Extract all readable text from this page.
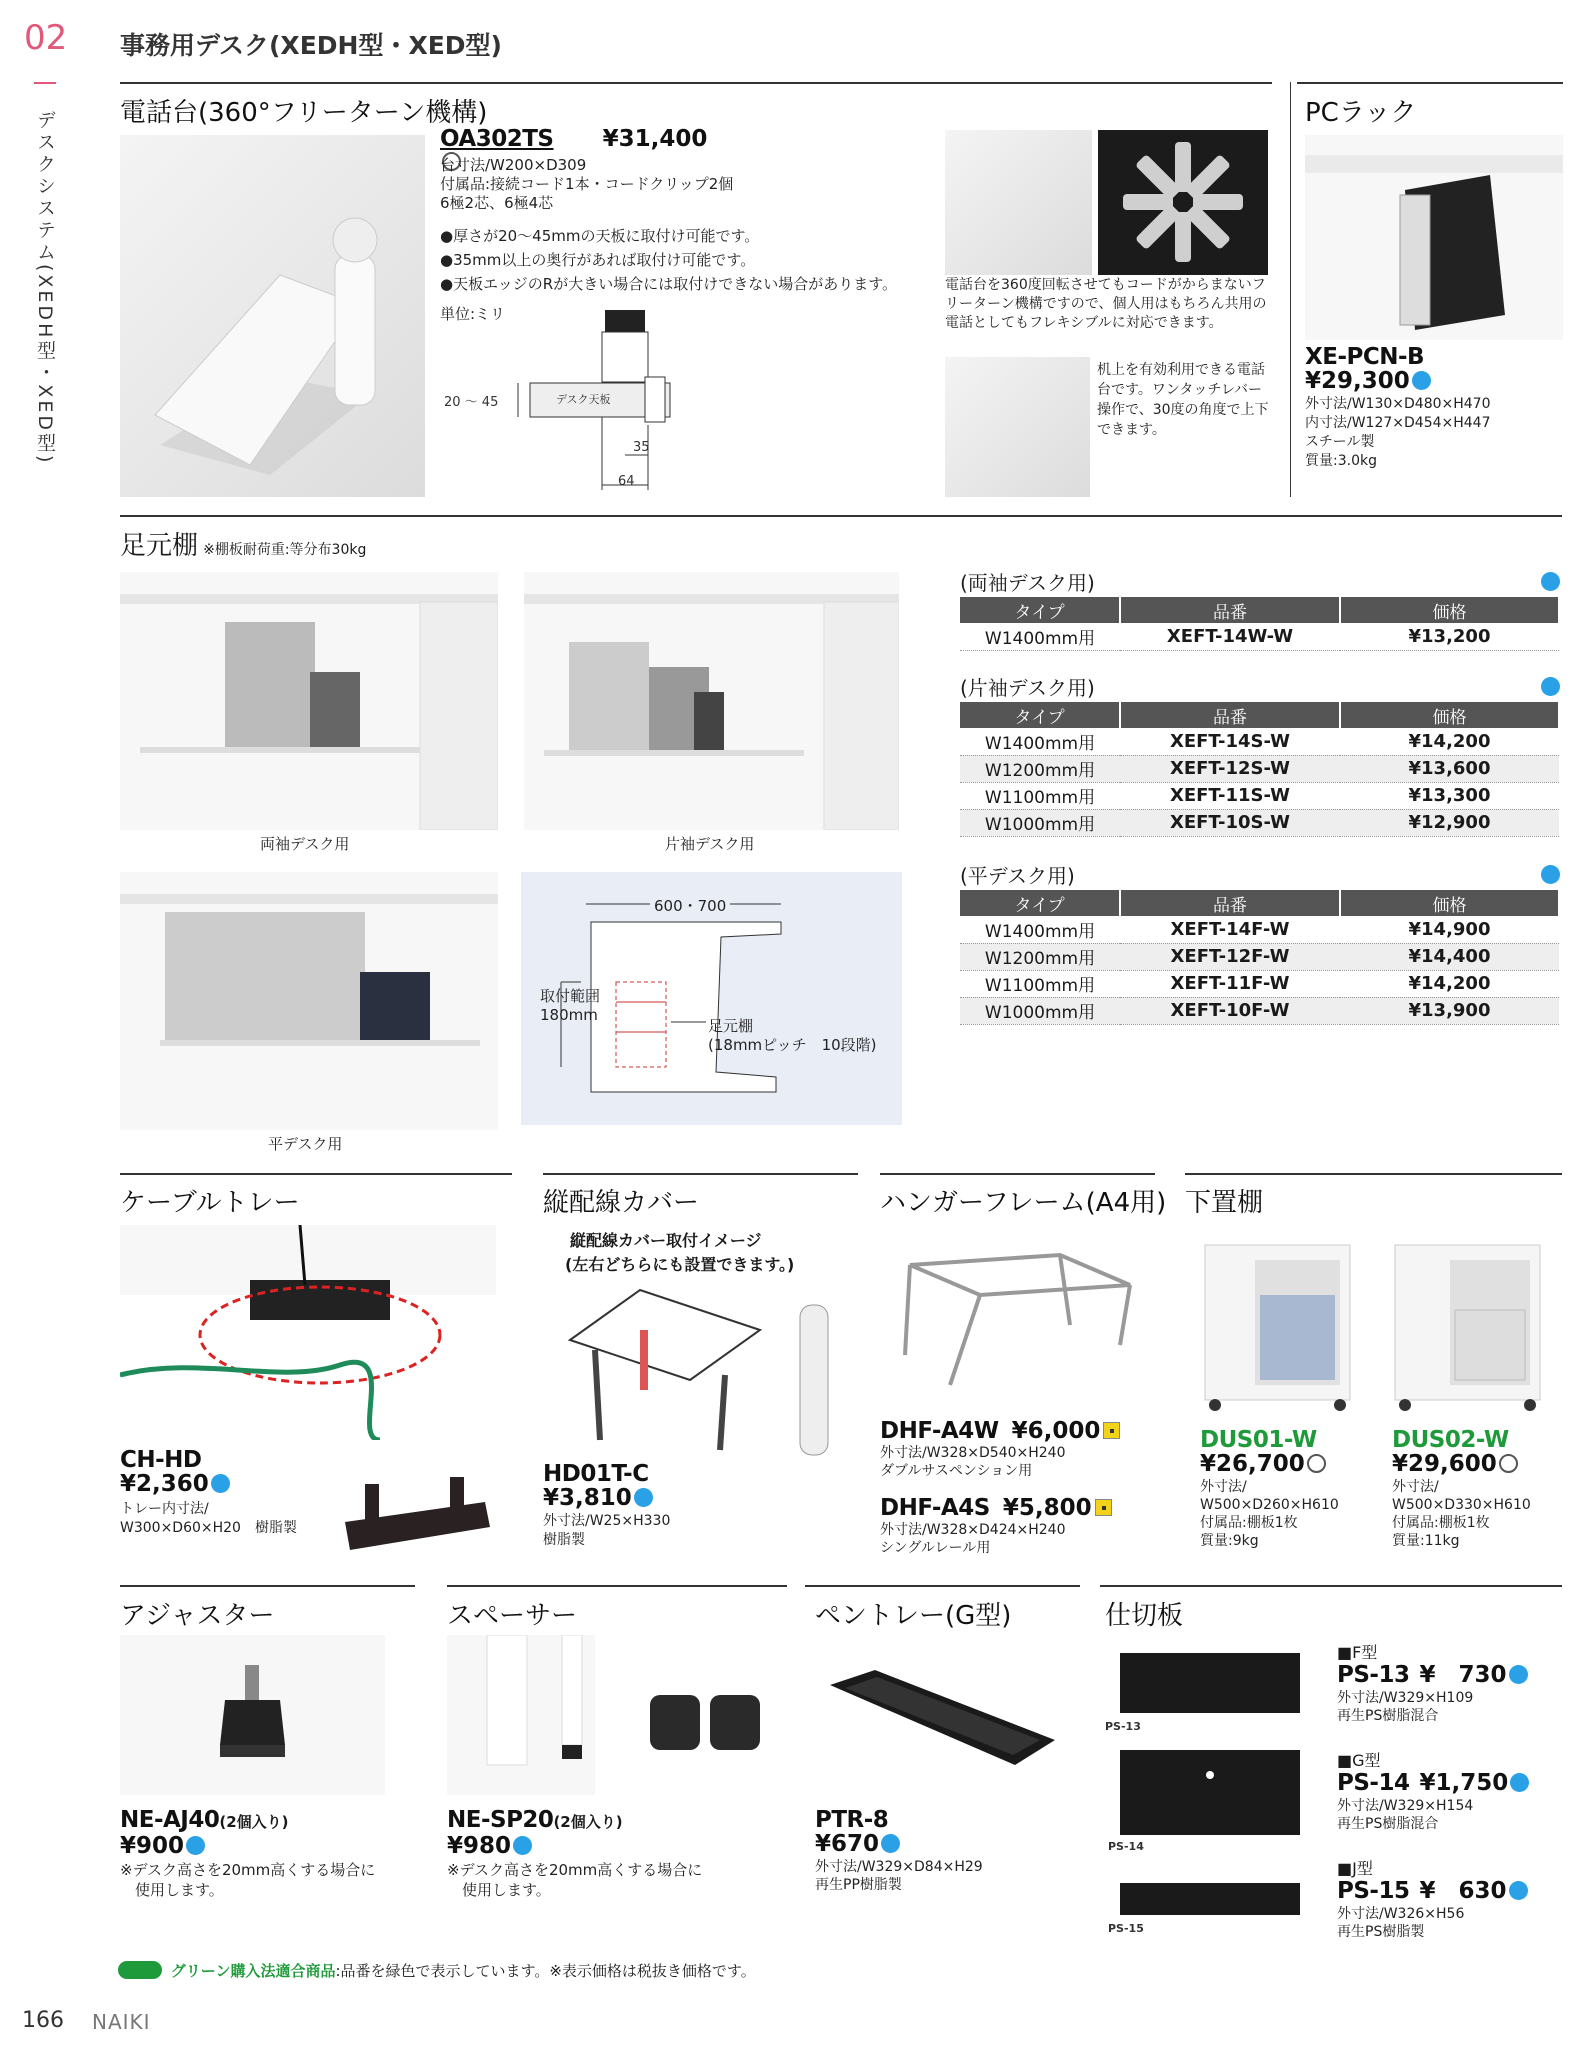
02
デスクシステム(XEDH型・XED型)
事務用デスク(XEDH型・XED型)
電話台(360°フリーターン機構)
OA302TS ¥31,400
台寸法/W200×D309
付属品:接続コード1本・コードクリップ2個
6極2芯、6極4芯
●厚さが20～45mmの天板に取付け可能です。
●35mm以上の奥行があれば取付け可能です。
●天板エッジのRが大きい場合には取付けできない場合があります。
単位:ミリ
20 ～ 45	デスク天板
35
64
電話台を360度回転させてもコードがからまないフリーターン機構ですので、個人用はもちろん共用の電話としてもフレキシブルに対応できます。
机上を有効利用できる電話台です。ワンタッチレバー操作で、30度の角度で上下できます。
PCラック
XE-PCN-B
¥29,300
外寸法/W130×D480×H470
内寸法/W127×D454×H447
スチール製
質量:3.0kg
足元棚 ※棚板耐荷重:等分布30kg
両袖デスク用	片袖デスク用
平デスク用
600・700
取付範囲
180mm
足元棚
(18mmピッチ　10段階)
(両袖デスク用)
タイプ	品番	価格
W1400mm用	XEFT-14W-W	¥13,200
(片袖デスク用)
タイプ	品番	価格
W1400mm用	XEFT-14S-W	¥14,200
W1200mm用	XEFT-12S-W	¥13,600
W1100mm用	XEFT-11S-W	¥13,300
W1000mm用	XEFT-10S-W	¥12,900
(平デスク用)
タイプ	品番	価格
W1400mm用	XEFT-14F-W	¥14,900
W1200mm用	XEFT-12F-W	¥14,400
W1100mm用	XEFT-11F-W	¥14,200
W1000mm用	XEFT-10F-W	¥13,900
ケーブルトレー
CH-HD
¥2,360
トレー内寸法/
W300×D60×H20　樹脂製
縦配線カバー
縦配線カバー取付イメージ
(左右どちらにも設置できます。)
HD01T-C
¥3,810
外寸法/W25×H330
樹脂製
ハンガーフレーム(A4用)
DHF-A4W ¥6,000
外寸法/W328×D540×H240
ダブルサスペンション用
DHF-A4S ¥5,800
外寸法/W328×D424×H240
シングルレール用
下置棚
DUS01-W
¥26,700
外寸法/
W500×D260×H610
付属品:棚板1枚
質量:9kg
DUS02-W
¥29,600
外寸法/
W500×D330×H610
付属品:棚板1枚
質量:11kg
アジャスター
NE-AJ40(2個入り)
¥900
※デスク高さを20mm高くする場合に
　使用します。
スペーサー
NE-SP20(2個入り)
¥980
※デスク高さを20mm高くする場合に
　使用します。
ペントレー(G型)
PTR-8
¥670
外寸法/W329×D84×H29
再生PP樹脂製
仕切板
PS-13
PS-14
PS-15
■F型
PS-13 ¥　730
外寸法/W329×H109
再生PS樹脂混合
■G型
PS-14 ¥1,750
外寸法/W329×H154
再生PS樹脂混合
■J型
PS-15 ¥　630
外寸法/W326×H56
再生PS樹脂製
グリーン購入法適合商品:品番を緑色で表示しています。※表示価格は税抜き価格です。
166 NAIKI
